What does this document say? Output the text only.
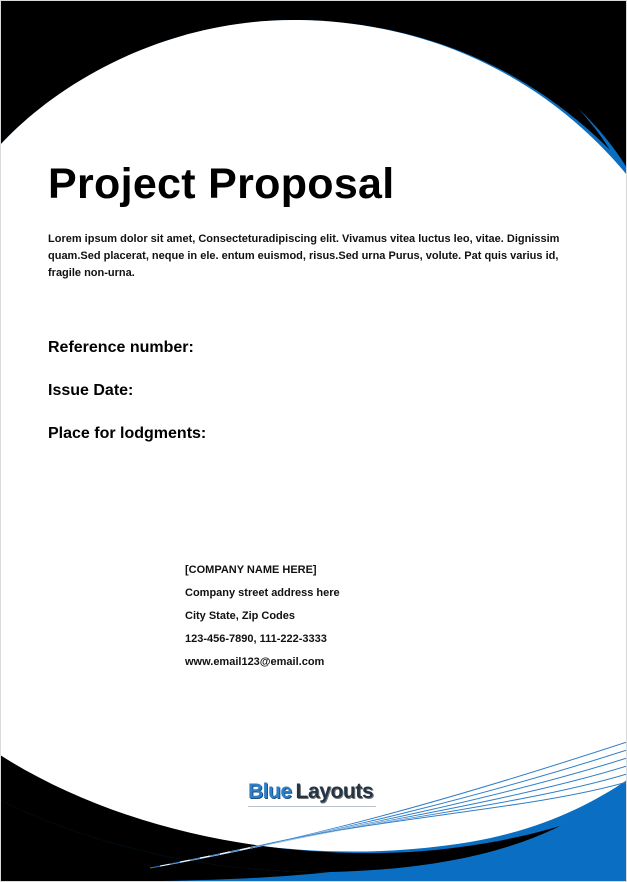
Project Proposal

Lorem ipsum dolor sit amet, Consecteturadipiscing elit. Vivamus vitea luctus leo, vitae. Dignissim quam.Sed placerat, neque in ele. entum euismod, risus.Sed urna Purus, volute. Pat quis varius id, fragile non-urna.

Reference number:

Issue Date:

Place for lodgments:

[COMPANY NAME HERE]
Company street address here
City State, Zip Codes
123-456-7890, 111-222-3333
www.email123@email.com
Blue Layouts
